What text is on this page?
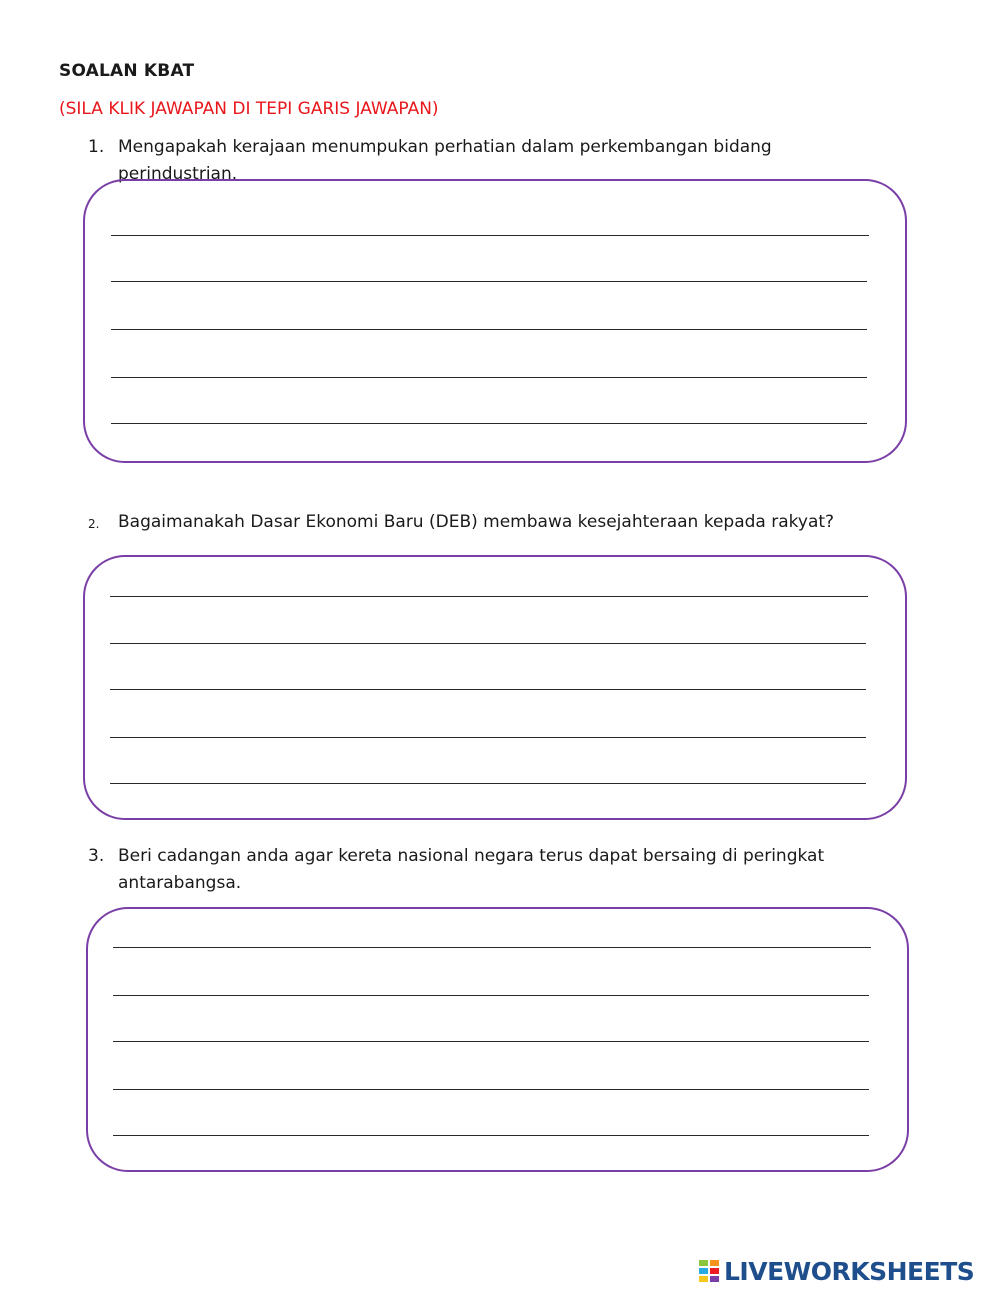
SOALAN KBAT
(SILA KLIK JAWAPAN DI TEPI GARIS JAWAPAN)
1. Mengapakah kerajaan menumpukan perhatian dalam perkembangan bidang perindustrian.
2. Bagaimanakah Dasar Ekonomi Baru (DEB) membawa kesejahteraan kepada rakyat?
3. Beri cadangan anda agar kereta nasional negara terus dapat bersaing di peringkat antarabangsa.
LIVEWORKSHEETS
